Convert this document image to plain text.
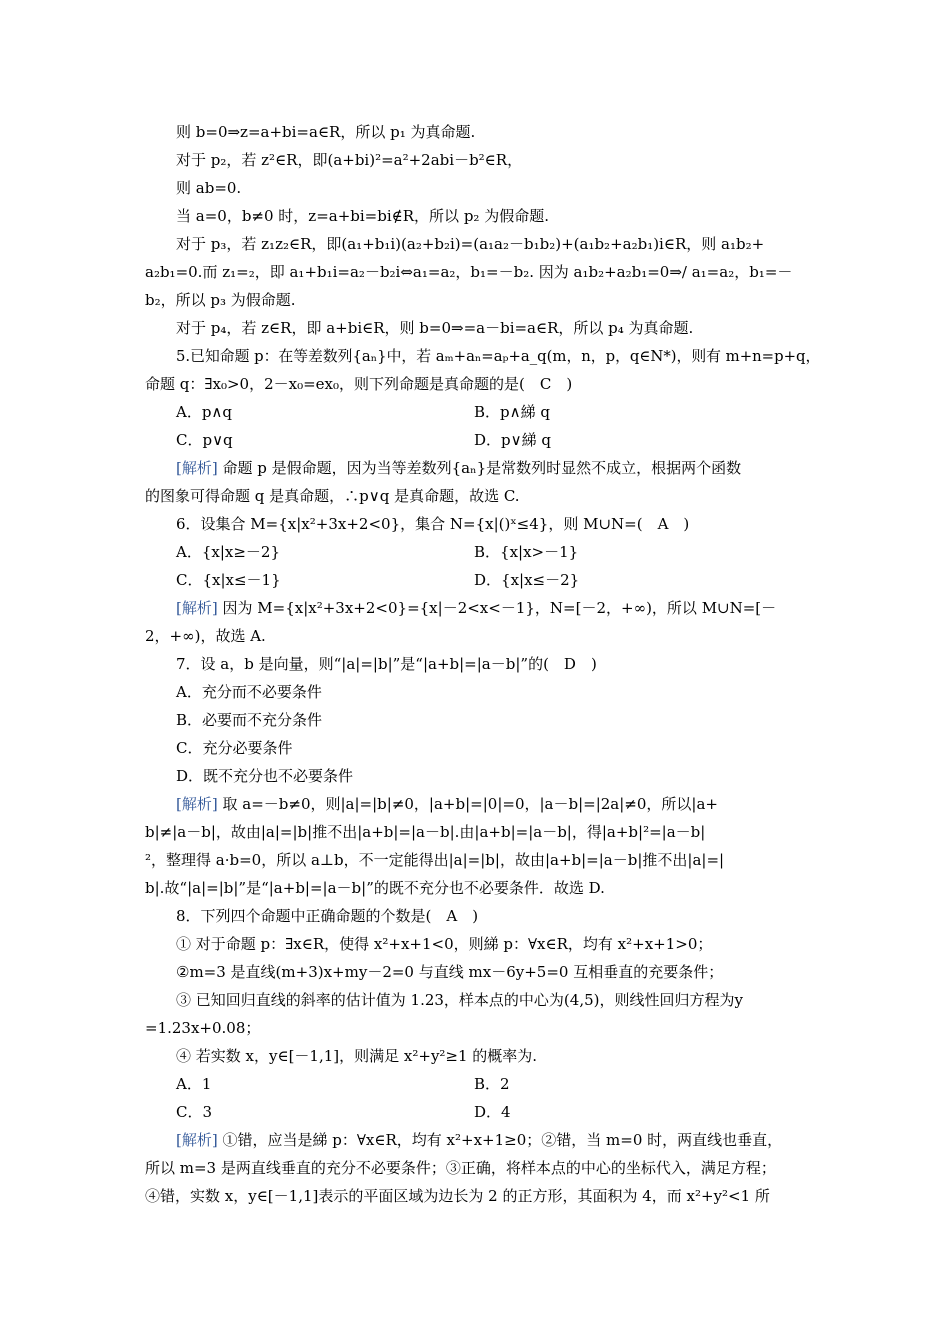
则 b=0⇒z=a+bi=a∈R，所以 p₁ 为真命题.
对于 p₂，若 z²∈R，即(a+bi)²=a²+2abi－b²∈R，
则 ab=0.
当 a=0，b≠0 时，z=a+bi=bi∉R，所以 p₂ 为假命题.
对于 p₃，若 z₁z₂∈R，即(a₁+b₁i)(a₂+b₂i)=(a₁a₂－b₁b₂)+(a₁b₂+a₂b₁)i∈R，则 a₁b₂+
a₂b₁=0.而 z₁=₂，即 a₁+b₁i=a₂－b₂i⇔a₁=a₂，b₁=－b₂. 因为 a₁b₂+a₂b₁=0⇒/ a₁=a₂，b₁=－
b₂，所以 p₃ 为假命题.
对于 p₄，若 z∈R，即 a+bi∈R，则 b=0⇒=a－bi=a∈R，所以 p₄ 为真命题.
5.已知命题 p：在等差数列{aₙ}中，若 aₘ+aₙ=aₚ+a_q(m，n，p，q∈N*)，则有 m+n=p+q，
命题 q：∃x₀>0，2－x₀=ex₀，则下列命题是真命题的是(　C　)
A．p∧q	B．p∧綈 q
C．p∨q	D．p∨綈 q
[解析] 命题 p 是假命题，因为当等差数列{aₙ}是常数列时显然不成立，根据两个函数
的图象可得命题 q 是真命题，∴p∨q 是真命题，故选 C.
6．设集合 M={x|x²+3x+2<0}，集合 N={x|()ˣ≤4}，则 M∪N=(　A　)
A．{x|x≥－2}	B．{x|x>－1}
C．{x|x≤－1}	D．{x|x≤－2}
[解析] 因为 M={x|x²+3x+2<0}={x|－2<x<－1}，N=[－2，+∞)，所以 M∪N=[－
2，+∞)，故选 A.
7．设 a，b 是向量，则“|a|=|b|”是“|a+b|=|a－b|”的(　D　)
A．充分而不必要条件
B．必要而不充分条件
C．充分必要条件
D．既不充分也不必要条件
[解析] 取 a=－b≠0，则|a|=|b|≠0，|a+b|=|0|=0，|a－b|=|2a|≠0，所以|a+
b|≠|a－b|，故由|a|=|b|推不出|a+b|=|a－b|.由|a+b|=|a－b|，得|a+b|²=|a－b|
²，整理得 a·b=0，所以 a⊥b，不一定能得出|a|=|b|，故由|a+b|=|a－b|推不出|a|=|
b|.故“|a|=|b|”是“|a+b|=|a－b|”的既不充分也不必要条件．故选 D.
8．下列四个命题中正确命题的个数是(　A　)
① 对于命题 p：∃x∈R，使得 x²+x+1<0，则綈 p：∀x∈R，均有 x²+x+1>0；
②m=3 是直线(m+3)x+my－2=0 与直线 mx－6y+5=0 互相垂直的充要条件；
③ 已知回归直线的斜率的估计值为 1.23，样本点的中心为(4,5)，则线性回归方程为y
=1.23x+0.08；
④ 若实数 x，y∈[－1,1]，则满足 x²+y²≥1 的概率为.
A．1	B．2
C．3	D．4
[解析] ①错，应当是綈 p：∀x∈R，均有 x²+x+1≥0；②错，当 m=0 时，两直线也垂直，
所以 m=3 是两直线垂直的充分不必要条件；③正确，将样本点的中心的坐标代入，满足方程；
④错，实数 x，y∈[－1,1]表示的平面区域为边长为 2 的正方形，其面积为 4，而 x²+y²<1 所
